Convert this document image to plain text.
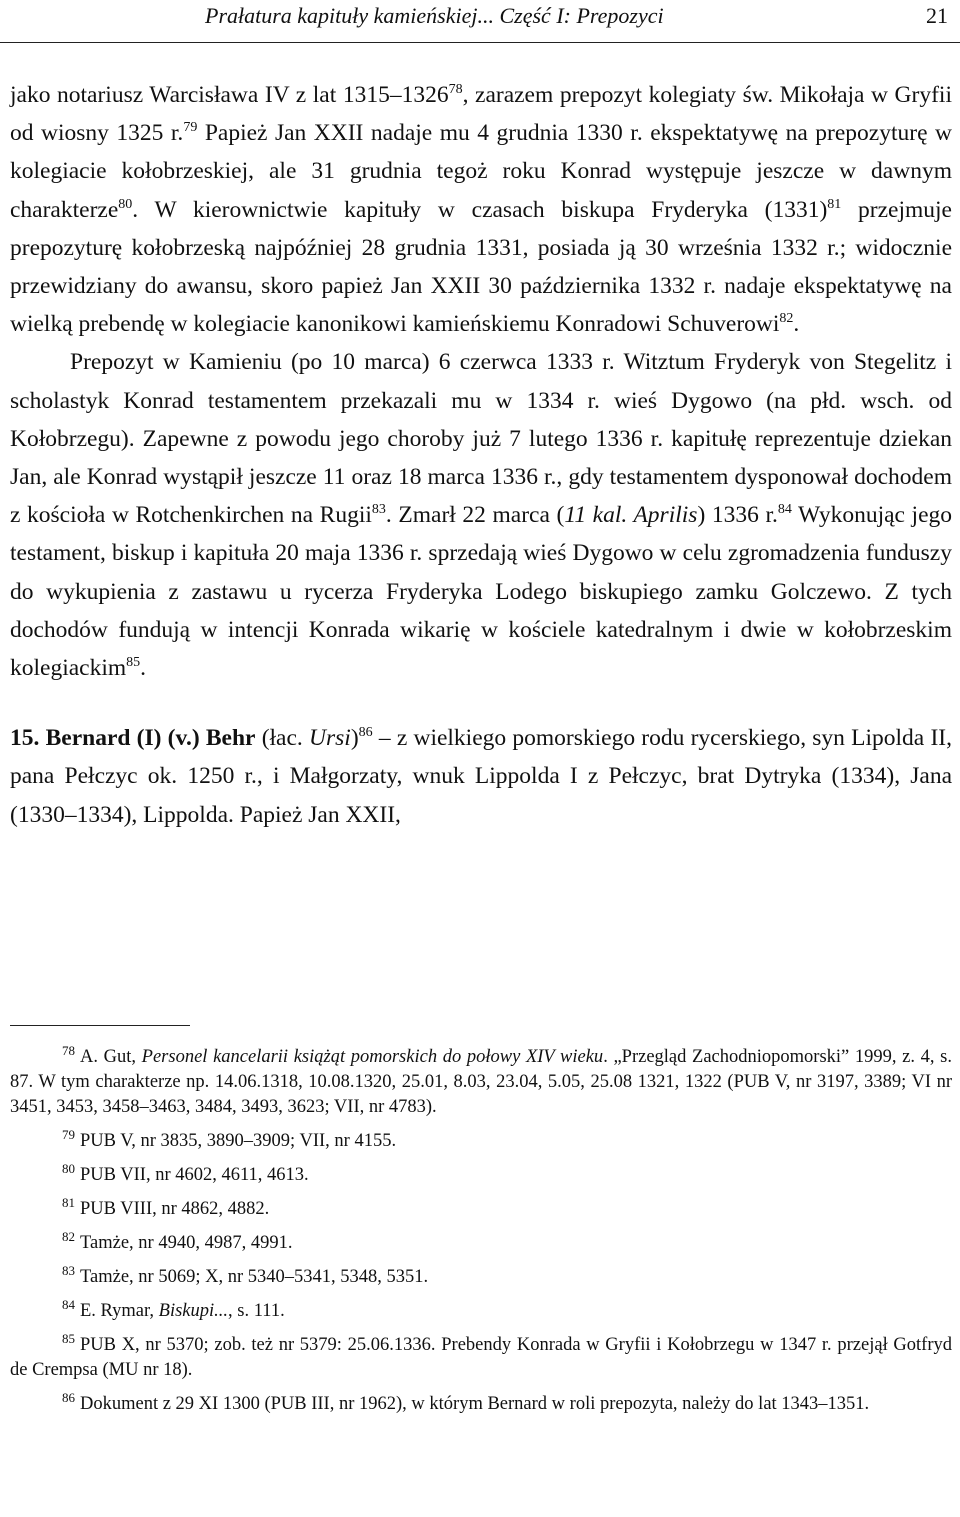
Prałatura kapituły kamieńskiej... Część I: Prepozyci	21

jako notariusz Warcisława IV z lat 1315–1326$^{78}$, zarazem prepozyt kolegiaty św. Mikołaja w Gryfii od wiosny 1325 r.$^{79}$ Papież Jan XXII nadaje mu 4 grudnia 1330 r. ekspektatywę na prepozyturę w kolegiacie kołobrzeskiej, ale 31 grudnia tegoż roku Konrad występuje jeszcze w dawnym charakterze$^{80}$. W kierownictwie kapituły w czasach biskupa Fryderyka $(1331)^{81}$ przejmuje prepozyturę kołobrzeską najpóźniej 28 grudnia 1331, posiada ją 30 września 1332 r.; widocznie przewidziany do awansu, skoro papież Jan XXII 30 października 1332 r. nadaje ekspektatywę na wielką prebendę w kolegiacie kanonikowi kamieńskiemu Konradowi Schuverowi$^{82}$.

Prepozyt w Kamieniu (po 10 marca) 6 czerwca 1333 r. Witztum Fryderyk von Stegelitz i scholastyk Konrad testamentem przekazali mu w 1334 r. wieś Dygowo (na płd. wsch. od Kołobrzegu). Zapewne z powodu jego choroby już 7 lutego 1336 r. kapitułę reprezentuje dziekan Jan, ale Konrad wystąpił jeszcze 11 oraz 18 marca 1336 r., gdy testamentem dysponował dochodem z kościoła w Rotchenkirchen na Rugii$^{83}$. Zmarł 22 marca (11 kal. Aprilis) 1336 r.$^{84}$ Wykonując jego testament, biskup i kapituła 20 maja 1336 r. sprzedają wieś Dygowo w celu zgromadzenia funduszy do wykupienia z zastawu u rycerza Fryderyka Lodego biskupiego zamku Golczewo. Z tych dochodów fundują w intencji Konrada wikarię w kościele katedralnym i dwie w kołobrzeskim kolegiackim$^{85}$.

15. Bernard (I) (v.) Behr (łac. Ursi)$^{86}$ – z wielkiego pomorskiego rodu rycerskiego, syn Lipolda II, pana Pełczyc ok. 1250 r., i Małgorzaty, wnuk Lippolda I z Pełczyc, brat Dytryka (1334), Jana (1330–1334), Lippolda. Papież Jan XXII,

$^{78}$ A. Gut, Personel kancelarii książąt pomorskich do połowy XIV wieku. „Przegląd Zachodniopomorski” 1999, z. 4, s. 87. W tym charakterze np. 14.06.1318, 10.08.1320, 25.01, 8.03, 23.04, 5.05, 25.08 1321, 1322 (PUB V, nr 3197, 3389; VI nr 3451, 3453, 3458–3463, 3484, 3493, 3623; VII, nr 4783).

$^{79}$ PUB V, nr 3835, 3890–3909; VII, nr 4155.

$^{80}$ PUB VII, nr 4602, 4611, 4613.

$^{81}$ PUB VIII, nr 4862, 4882.

$^{82}$ Tamże, nr 4940, 4987, 4991.

$^{83}$ Tamże, nr 5069; X, nr 5340–5341, 5348, 5351.

$^{84}$ E. Rymar, Biskupi..., s. 111.

$^{85}$ PUB X, nr 5370; zob. też nr 5379: 25.06.1336. Prebendy Konrada w Gryfii i Kołobrzegu w 1347 r. przejął Gotfryd de Crempsa (MU nr 18).

$^{86}$ Dokument z 29 XI 1300 (PUB III, nr 1962), w którym Bernard w roli prepozyta, należy do lat 1343–1351.
